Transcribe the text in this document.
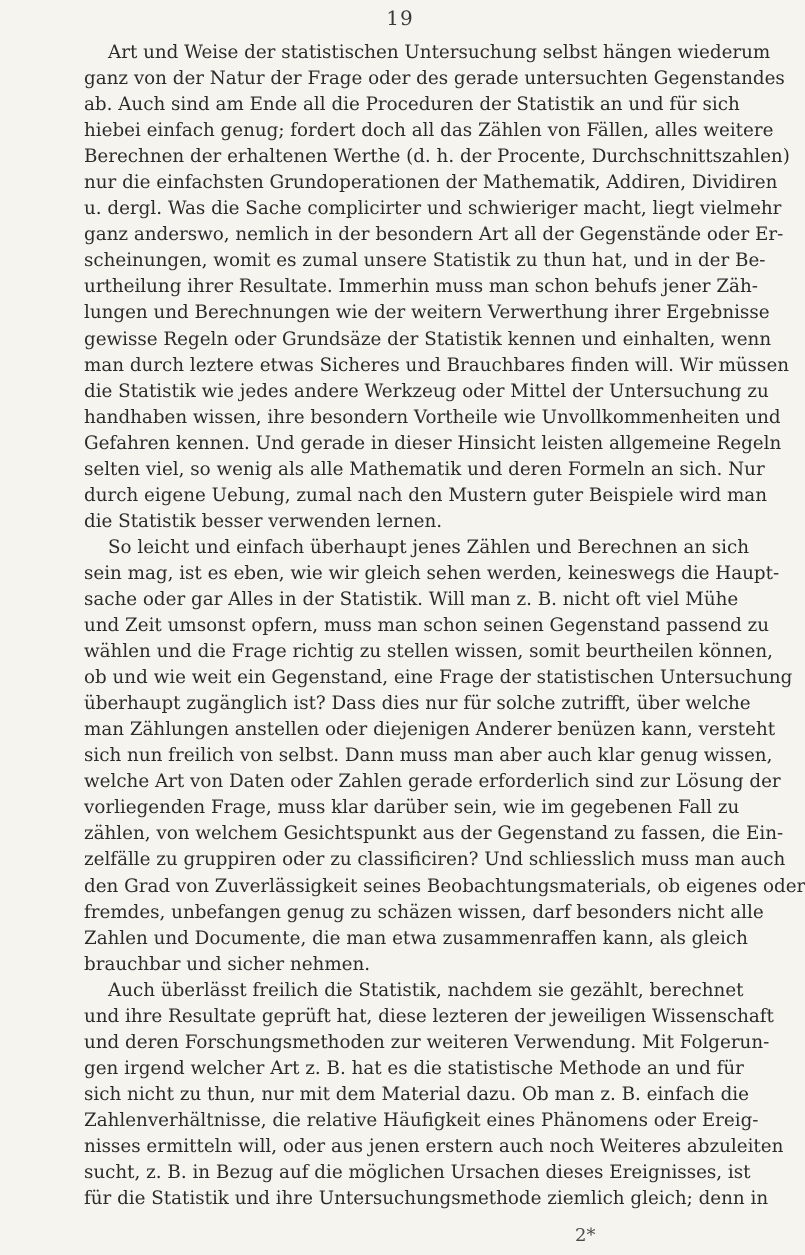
19
Art und Weise der statistischen Untersuchung selbst hängen wiederum
ganz von der Natur der Frage oder des gerade untersuchten Gegenstandes
ab. Auch sind am Ende all die Proceduren der Statistik an und für sich
hiebei einfach genug; fordert doch all das Zählen von Fällen, alles weitere
Berechnen der erhaltenen Werthe (d. h. der Procente, Durchschnittszahlen)
nur die einfachsten Grundoperationen der Mathematik, Addiren, Dividiren
u. dergl. Was die Sache complicirter und schwieriger macht, liegt vielmehr
ganz anderswo, nemlich in der besondern Art all der Gegenstände oder Er-
scheinungen, womit es zumal unsere Statistik zu thun hat, und in der Be-
urtheilung ihrer Resultate. Immerhin muss man schon behufs jener Zäh-
lungen und Berechnungen wie der weitern Verwerthung ihrer Ergebnisse
gewisse Regeln oder Grundsäze der Statistik kennen und einhalten, wenn
man durch leztere etwas Sicheres und Brauchbares finden will. Wir müssen
die Statistik wie jedes andere Werkzeug oder Mittel der Untersuchung zu
handhaben wissen, ihre besondern Vortheile wie Unvollkommenheiten und
Gefahren kennen. Und gerade in dieser Hinsicht leisten allgemeine Regeln
selten viel, so wenig als alle Mathematik und deren Formeln an sich. Nur
durch eigene Uebung, zumal nach den Mustern guter Beispiele wird man
die Statistik besser verwenden lernen.
So leicht und einfach überhaupt jenes Zählen und Berechnen an sich
sein mag, ist es eben, wie wir gleich sehen werden, keineswegs die Haupt-
sache oder gar Alles in der Statistik. Will man z. B. nicht oft viel Mühe
und Zeit umsonst opfern, muss man schon seinen Gegenstand passend zu
wählen und die Frage richtig zu stellen wissen, somit beurtheilen können,
ob und wie weit ein Gegenstand, eine Frage der statistischen Untersuchung
überhaupt zugänglich ist? Dass dies nur für solche zutrifft, über welche
man Zählungen anstellen oder diejenigen Anderer benüzen kann, versteht
sich nun freilich von selbst. Dann muss man aber auch klar genug wissen,
welche Art von Daten oder Zahlen gerade erforderlich sind zur Lösung der
vorliegenden Frage, muss klar darüber sein, wie im gegebenen Fall zu
zählen, von welchem Gesichtspunkt aus der Gegenstand zu fassen, die Ein-
zelfälle zu gruppiren oder zu classificiren? Und schliesslich muss man auch
den Grad von Zuverlässigkeit seines Beobachtungsmaterials, ob eigenes oder
fremdes, unbefangen genug zu schäzen wissen, darf besonders nicht alle
Zahlen und Documente, die man etwa zusammenraffen kann, als gleich
brauchbar und sicher nehmen.
Auch überlässt freilich die Statistik, nachdem sie gezählt, berechnet
und ihre Resultate geprüft hat, diese lezteren der jeweiligen Wissenschaft
und deren Forschungsmethoden zur weiteren Verwendung. Mit Folgerun-
gen irgend welcher Art z. B. hat es die statistische Methode an und für
sich nicht zu thun, nur mit dem Material dazu. Ob man z. B. einfach die
Zahlenverhältnisse, die relative Häufigkeit eines Phänomens oder Ereig-
nisses ermitteln will, oder aus jenen erstern auch noch Weiteres abzuleiten
sucht, z. B. in Bezug auf die möglichen Ursachen dieses Ereignisses, ist
für die Statistik und ihre Untersuchungsmethode ziemlich gleich; denn in
2*
